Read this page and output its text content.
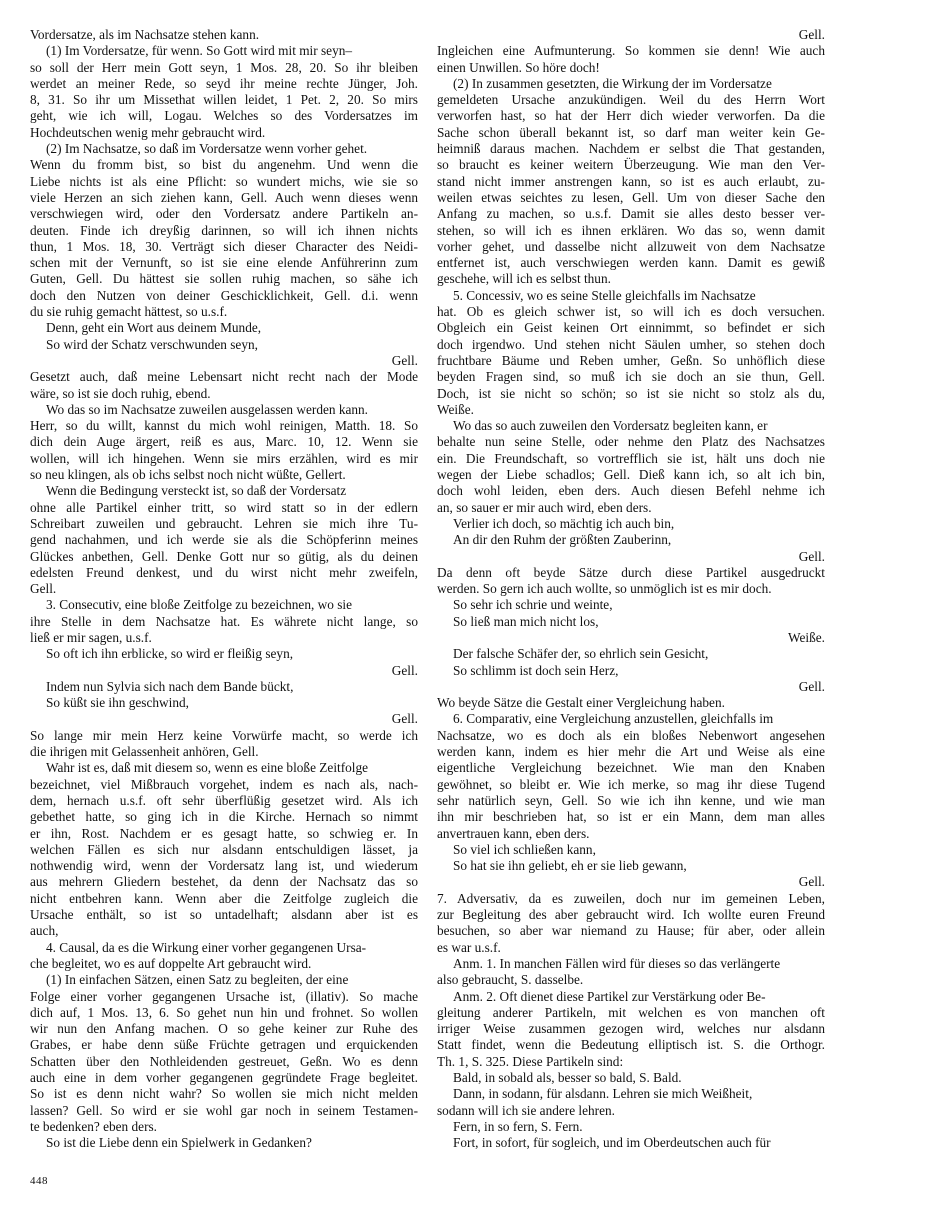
Vordersatze, als im Nachsatze stehen kann.
(1) Im Vordersatze, für wenn. So Gott wird mit mir seyn–
so soll der Herr mein Gott seyn, 1 Mos. 28, 20. So ihr bleiben
werdet an meiner Rede, so seyd ihr meine rechte Jünger, Joh.
8, 31. So ihr um Missethat willen leidet, 1 Pet. 2, 20. So mirs
geht, wie ich will, Logau. Welches so des Vordersatzes im
Hochdeutschen wenig mehr gebraucht wird.
(2) Im Nachsatze, so daß im Vordersatze wenn vorher gehet.
Wenn du fromm bist, so bist du angenehm. Und wenn die
Liebe nichts ist als eine Pflicht: so wundert michs, wie sie so
viele Herzen an sich ziehen kann, Gell. Auch wenn dieses wenn
verschwiegen wird, oder den Vordersatz andere Partikeln an-
deuten. Finde ich dreyßig darinnen, so will ich ihnen nichts
thun, 1 Mos. 18, 30. Verträgt sich dieser Character des Neidi-
schen mit der Vernunft, so ist sie eine elende Anführerinn zum
Guten, Gell. Du hättest sie sollen ruhig machen, so sähe ich
doch den Nutzen von deiner Geschicklichkeit, Gell. d.i. wenn
du sie ruhig gemacht hättest, so u.s.f.
Denn, geht ein Wort aus deinem Munde,
So wird der Schatz verschwunden seyn,
Gell.
Gesetzt auch, daß meine Lebensart nicht recht nach der Mode
wäre, so ist sie doch ruhig, ebend.
Wo das so im Nachsatze zuweilen ausgelassen werden kann.
Herr, so du willt, kannst du mich wohl reinigen, Matth. 18. So
dich dein Auge ärgert, reiß es aus, Marc. 10, 12. Wenn sie
wollen, will ich hingehen. Wenn sie mirs erzählen, wird es mir
so neu klingen, als ob ichs selbst noch nicht wüßte, Gellert.
Wenn die Bedingung versteckt ist, so daß der Vordersatz
ohne alle Partikel einher tritt, so wird statt so in der edlern
Schreibart zuweilen und gebraucht. Lehren sie mich ihre Tu-
gend nachahmen, und ich werde sie als die Schöpferinn meines
Glückes anbethen, Gell. Denke Gott nur so gütig, als du deinen
edelsten Freund denkest, und du wirst nicht mehr zweifeln,
Gell.
3. Consecutiv, eine bloße Zeitfolge zu bezeichnen, wo sie
ihre Stelle in dem Nachsatze hat. Es währete nicht lange, so
ließ er mir sagen, u.s.f.
So oft ich ihn erblicke, so wird er fleißig seyn,
Gell.
Indem nun Sylvia sich nach dem Bande bückt,
So küßt sie ihn geschwind,
Gell.
So lange mir mein Herz keine Vorwürfe macht, so werde ich
die ihrigen mit Gelassenheit anhören, Gell.
Wahr ist es, daß mit diesem so, wenn es eine bloße Zeitfolge
bezeichnet, viel Mißbrauch vorgehet, indem es nach als, nach-
dem, hernach u.s.f. oft sehr überflüßig gesetzet wird. Als ich
gebethet hatte, so ging ich in die Kirche. Hernach so nimmt
er ihn, Rost. Nachdem er es gesagt hatte, so schwieg er. In
welchen Fällen es sich nur alsdann entschuldigen lässet, ja
nothwendig wird, wenn der Vordersatz lang ist, und wiederum
aus mehrern Gliedern bestehet, da denn der Nachsatz das so
nicht entbehren kann. Wenn aber die Zeitfolge zugleich die
Ursache enthält, so ist so untadelhaft; alsdann aber ist es
auch,
4. Causal, da es die Wirkung einer vorher gegangenen Ursa-
che begleitet, wo es auf doppelte Art gebraucht wird.
(1) In einfachen Sätzen, einen Satz zu begleiten, der eine
Folge einer vorher gegangenen Ursache ist, (illativ). So mache
dich auf, 1 Mos. 13, 6. So gehet nun hin und frohnet. So wollen
wir nun den Anfang machen. O so gehe keiner zur Ruhe des
Grabes, er habe denn süße Früchte getragen und erquickenden
Schatten über den Nothleidenden gestreuet, Geßn. Wo es denn
auch eine in dem vorher gegangenen gegründete Frage begleitet.
So ist es denn nicht wahr? So wollen sie mich nicht melden
lassen? Gell. So wird er sie wohl gar noch in seinem Testamen-
te bedenken? eben ders.
So ist die Liebe denn ein Spielwerk in Gedanken?
Gell.
Ingleichen eine Aufmunterung. So kommen sie denn! Wie auch
einen Unwillen. So höre doch!
(2) In zusammen gesetzten, die Wirkung der im Vordersatze
gemeldeten Ursache anzukündigen. Weil du des Herrn Wort
verworfen hast, so hat der Herr dich wieder verworfen. Da die
Sache schon überall bekannt ist, so darf man weiter kein Ge-
heimniß daraus machen. Nachdem er selbst die That gestanden,
so braucht es keiner weitern Überzeugung. Wie man den Ver-
stand nicht immer anstrengen kann, so ist es auch erlaubt, zu-
weilen etwas seichtes zu lesen, Gell. Um von dieser Sache den
Anfang zu machen, so u.s.f. Damit sie alles desto besser ver-
stehen, so will ich es ihnen erklären. Wo das so, wenn damit
vorher gehet, und dasselbe nicht allzuweit von dem Nachsatze
entfernet ist, auch verschwiegen werden kann. Damit es gewiß
geschehe, will ich es selbst thun.
5. Concessiv, wo es seine Stelle gleichfalls im Nachsatze
hat. Ob es gleich schwer ist, so will ich es doch versuchen.
Obgleich ein Geist keinen Ort einnimmt, so befindet er sich
doch irgendwo. Und stehen nicht Säulen umher, so stehen doch
fruchtbare Bäume und Reben umher, Geßn. So unhöflich diese
beyden Fragen sind, so muß ich sie doch an sie thun, Gell.
Doch, ist sie nicht so schön; so ist sie nicht so stolz als du,
Weiße.
Wo das so auch zuweilen den Vordersatz begleiten kann, er
behalte nun seine Stelle, oder nehme den Platz des Nachsatzes
ein. Die Freundschaft, so vortrefflich sie ist, hält uns doch nie
wegen der Liebe schadlos; Gell. Dieß kann ich, so alt ich bin,
doch wohl leiden, eben ders. Auch diesen Befehl nehme ich
an, so sauer er mir auch wird, eben ders.
Verlier ich doch, so mächtig ich auch bin,
An dir den Ruhm der größten Zauberinn,
Gell.
Da denn oft beyde Sätze durch diese Partikel ausgedruckt
werden. So gern ich auch wollte, so unmöglich ist es mir doch.
So sehr ich schrie und weinte,
So ließ man mich nicht los,
Weiße.
Der falsche Schäfer der, so ehrlich sein Gesicht,
So schlimm ist doch sein Herz,
Gell.
Wo beyde Sätze die Gestalt einer Vergleichung haben.
6. Comparativ, eine Vergleichung anzustellen, gleichfalls im
Nachsatze, wo es doch als ein bloßes Nebenwort angesehen
werden kann, indem es hier mehr die Art und Weise als eine
eigentliche Vergleichung bezeichnet. Wie man den Knaben
gewöhnet, so bleibt er. Wie ich merke, so mag ihr diese Tugend
sehr natürlich seyn, Gell. So wie ich ihn kenne, und wie man
ihn mir beschrieben hat, so ist er ein Mann, dem man alles
anvertrauen kann, eben ders.
So viel ich schließen kann,
So hat sie ihn geliebt, eh er sie lieb gewann,
Gell.
7. Adversativ, da es zuweilen, doch nur im gemeinen Leben,
zur Begleitung des aber gebraucht wird. Ich wollte euren Freund
besuchen, so aber war niemand zu Hause; für aber, oder allein
es war u.s.f.
Anm. 1. In manchen Fällen wird für dieses so das verlängerte
also gebraucht, S. dasselbe.
Anm. 2. Oft dienet diese Partikel zur Verstärkung oder Be-
gleitung anderer Partikeln, mit welchen es von manchen oft
irriger Weise zusammen gezogen wird, welches nur alsdann
Statt findet, wenn die Bedeutung elliptisch ist. S. die Orthogr.
Th. 1, S. 325. Diese Partikeln sind:
Bald, in sobald als, besser so bald, S. Bald.
Dann, in sodann, für alsdann. Lehren sie mich Weißheit,
sodann will ich sie andere lehren.
Fern, in so fern, S. Fern.
Fort, in sofort, für sogleich, und im Oberdeutschen auch für
448
